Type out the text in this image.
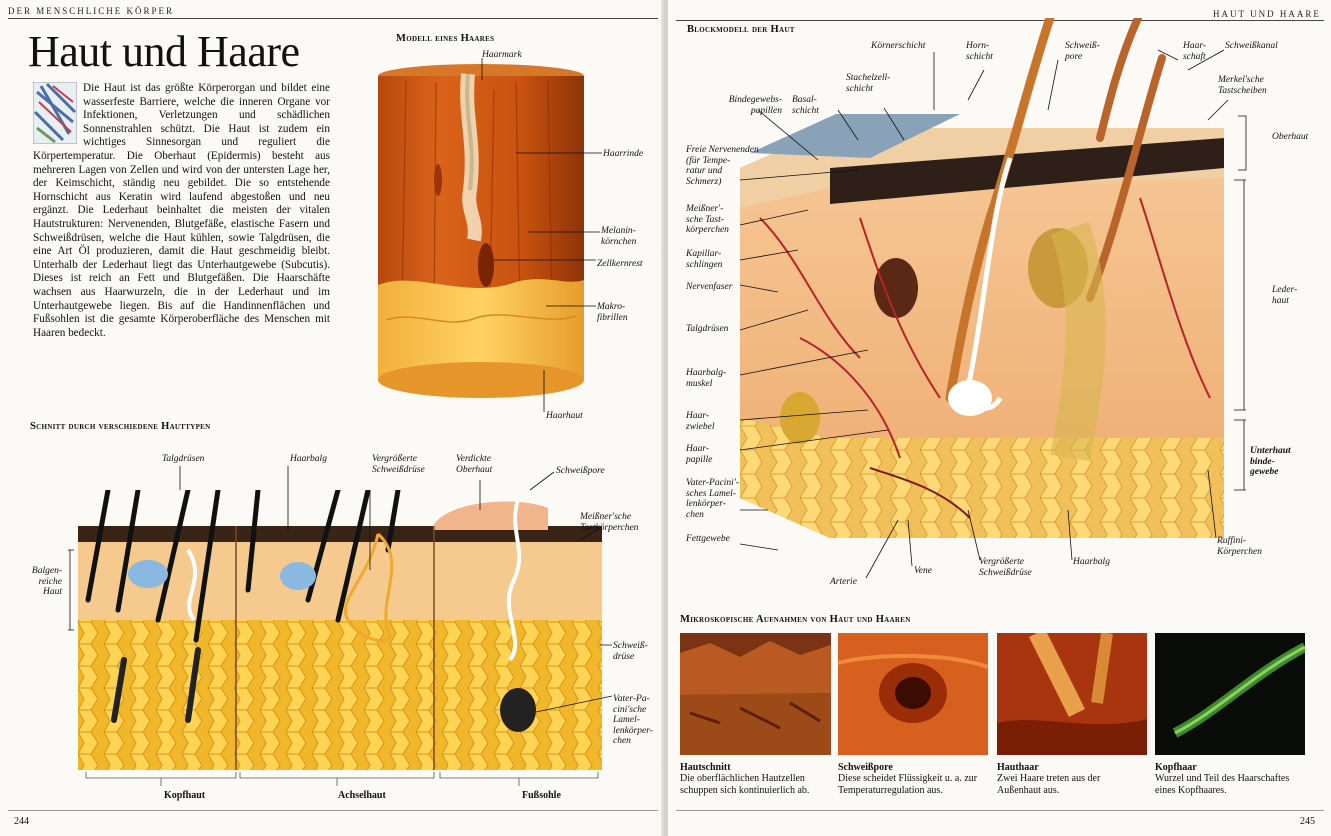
DER MENSCHLICHE KÖRPER
Haut und Haare
Die Haut ist das größte Körperorgan und bildet eine wasserfeste Barriere, welche die inneren Organe vor Infektionen, Verletzungen und schädlichen Sonnenstrahlen schützt. Die Haut ist zudem ein wichtiges Sinnesorgan und reguliert die Körpertemperatur. Die Oberhaut (Epidermis) besteht aus mehreren Lagen von Zellen und wird von der untersten Lage her, der Keimschicht, ständig neu gebildet. Die so entstehende Hornschicht aus Keratin wird laufend abgestoßen und neu ergänzt. Die Lederhaut beinhaltet die meisten der vitalen Hautstrukturen: Nervenenden, Blutgefäße, elastische Fasern und Schweißdrüsen, welche die Haut kühlen, sowie Talgdrüsen, die eine Art Öl produzieren, damit die Haut geschmeidig bleibt. Unterhalb der Lederhaut liegt das Unterhautgewebe (Subcutis). Dieses ist reich an Fett und Blutgefäßen. Die Haarschäfte wachsen aus Haarwurzeln, die in der Lederhaut und im Unterhautgewebe liegen. Bis auf die Handinnenflächen und Fußsohlen ist die gesamte Körperoberfläche des Menschen mit Haaren bedeckt.
Modell eines Haares
Haarmark
Haarrinde
Melanin-
körnchen
Zellkernrest
Makro-
fibrillen
Haarhaut
Schnitt durch verschiedene Hauttypen
Talgdrüsen	Haarbalg	Vergrößerte
Schweißdrüse
Verdickte
Oberhaut	Schweißpore
Meißner'sche
Tastkörperchen
Balgen-
reiche
Haut
Schweiß-
drüse
Vater-Pa-
cini'sche
Lamel-
lenkörper-
chen
Kopfhaut	Achselhaut	Fußsohle
244
HAUT UND HAARE
Blockmodell der Haut
Körnerschicht	Horn-
schicht
Schweiß-
pore
Haar-
schaft
Schweißkanal
Merkel'sche
Tastscheiben
Stachelzell-
schicht
Bindegewebs-
papillen
Basal-
schicht
Oberhaut
Freie Nervenenden
(für Tempe-
ratur und
Schmerz)
Meißner'-
sche Tast-
körperchen
Kapillar-
schlingen
Nervenfaser	Leder-
haut
Talgdrüsen
Haarbalg-
muskel
Haar-
zwiebel
Haar-
papille
Unterhaut
binde-
gewebe
Vater-Pacini'-
sches Lamel-
lenkörper-
chen
Fettgewebe
Arterie
Vene
Vergrößerte
Schweißdrüse
Haarbalg
Ruffini-
Körperchen
Mikroskopische Aufnahmen von Haut und Haaren
Hautschnitt
Die oberflächlichen Hautzellen schuppen sich kontinuierlich ab.
Schweißpore
Diese scheidet Flüssigkeit u. a. zur Temperaturregulation aus.
Hauthaar
Zwei Haare treten aus der Außenhaut aus.
Kopfhaar
Wurzel und Teil des Haarschaftes eines Kopfhaares.
245
